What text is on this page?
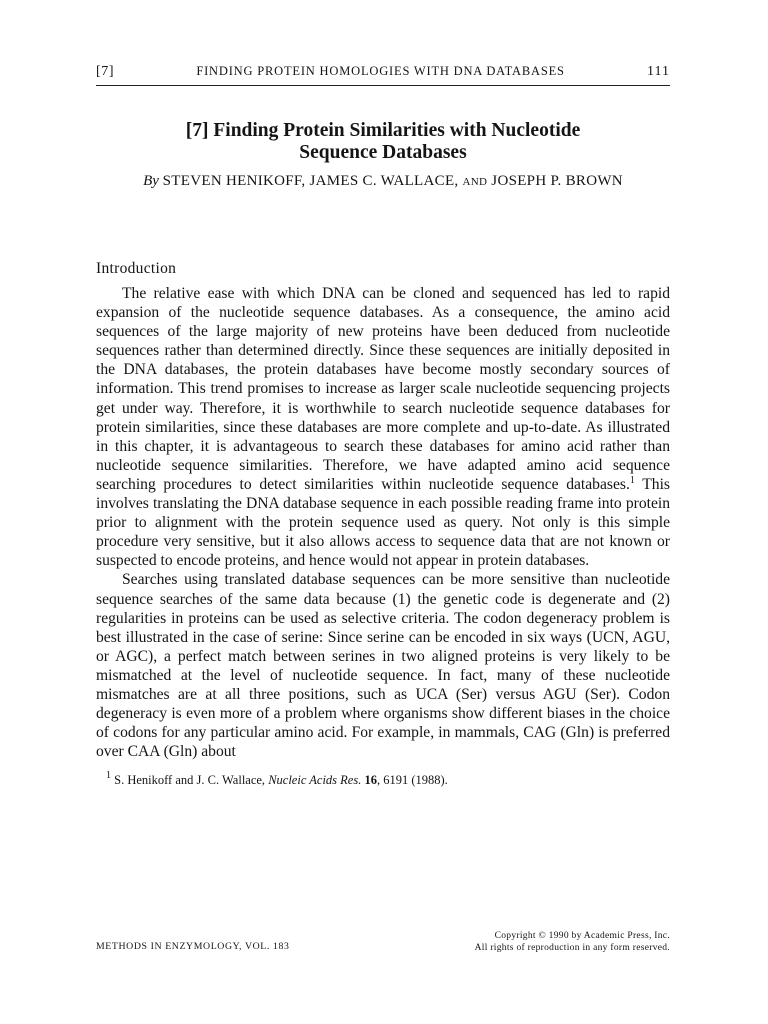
[7]	FINDING PROTEIN HOMOLOGIES WITH DNA DATABASES	111
[7] Finding Protein Similarities with Nucleotide
Sequence Databases
By STEVEN HENIKOFF, JAMES C. WALLACE, and JOSEPH P. BROWN
Introduction

The relative ease with which DNA can be cloned and sequenced has led to rapid expansion of the nucleotide sequence databases. As a consequence, the amino acid sequences of the large majority of new proteins have been deduced from nucleotide sequences rather than determined directly. Since these sequences are initially deposited in the DNA databases, the protein databases have become mostly secondary sources of information. This trend promises to increase as larger scale nucleotide sequencing projects get under way. Therefore, it is worthwhile to search nucleotide sequence databases for protein similarities, since these databases are more complete and up-to-date. As illustrated in this chapter, it is advantageous to search these databases for amino acid rather than nucleotide sequence similarities. Therefore, we have adapted amino acid sequence searching procedures to detect similarities within nucleotide sequence databases.$^1$ This involves translating the DNA database sequence in each possible reading frame into protein prior to alignment with the protein sequence used as query. Not only is this simple procedure very sensitive, but it also allows access to sequence data that are not known or suspected to encode proteins, and hence would not appear in protein databases.

Searches using translated database sequences can be more sensitive than nucleotide sequence searches of the same data because (1) the genetic code is degenerate and (2) regularities in proteins can be used as selective criteria. The codon degeneracy problem is best illustrated in the case of serine: Since serine can be encoded in six ways (UCN, AGU, or AGC), a perfect match between serines in two aligned proteins is very likely to be mismatched at the level of nucleotide sequence. In fact, many of these nucleotide mismatches are at all three positions, such as UCA (Ser) versus AGU (Ser). Codon degeneracy is even more of a problem where organisms show different biases in the choice of codons for any particular amino acid. For example, in mammals, CAG (Gln) is preferred over CAA (Gln) about

$^1$ S. Henikoff and J. C. Wallace, Nucleic Acids Res. 16, 6191 (1988).
METHODS IN ENZYMOLOGY, VOL. 183
Copyright © 1990 by Academic Press, Inc.
All rights of reproduction in any form reserved.
